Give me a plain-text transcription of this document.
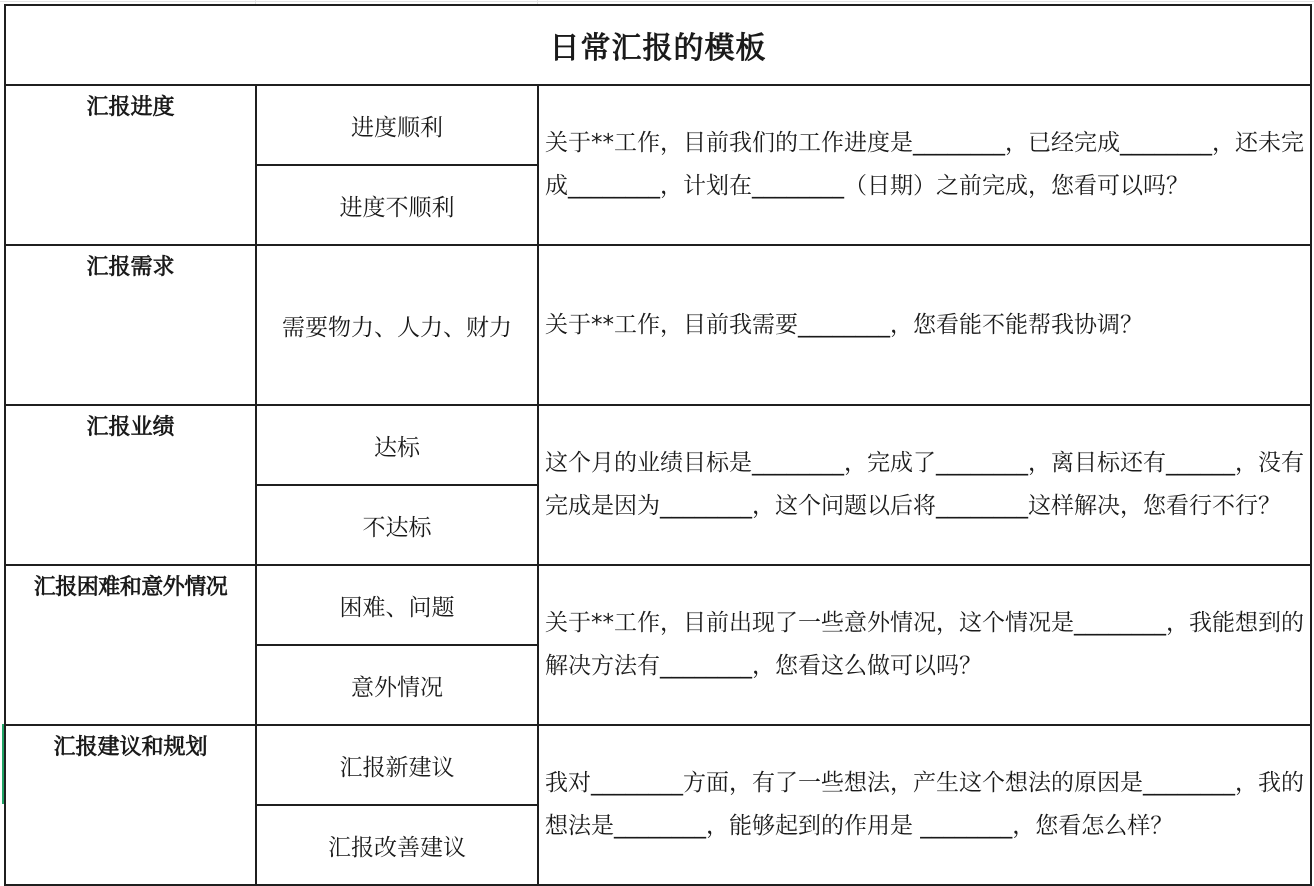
日常汇报的模板		
汇报进度	进度顺利	关于**工作，目前我们的工作进度是________，已经完成________，还未完成________，计划在________（日期）之前完成，您看可以吗？
	进度不顺利	
汇报需求	需要物力、人力、财力	关于**工作，目前我需要________，您看能不能帮我协调？
汇报业绩	达标	这个月的业绩目标是________，完成了________，离目标还有______，没有完成是因为________，这个问题以后将________这样解决，您看行不行？
	不达标	
汇报困难和意外情况	困难、问题	关于**工作，目前出现了一些意外情况，这个情况是________，我能想到的解决方法有________，您看这么做可以吗？
	意外情况	
汇报建议和规划	汇报新建议	我对________方面，有了一些想法，产生这个想法的原因是________，我的想法是________，能够起到的作用是 ________，您看怎么样？
	汇报改善建议	
